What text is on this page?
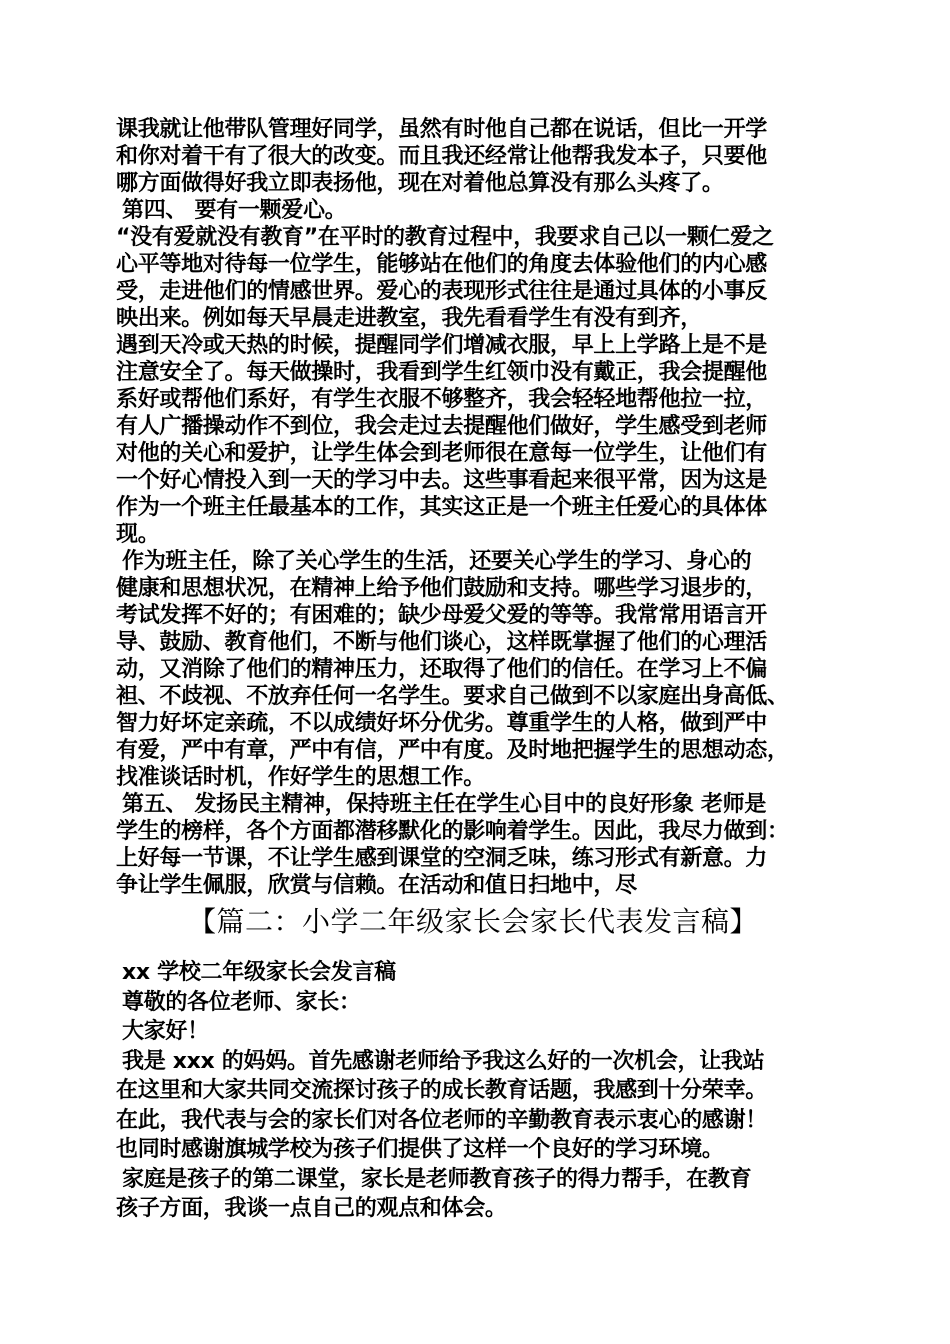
课我就让他带队管理好同学，虽然有时他自己都在说话，但比一开学
和你对着干有了很大的改变。而且我还经常让他帮我发本子，只要他
哪方面做得好我立即表扬他，现在对着他总算没有那么头疼了。
第四、 要有一颗爱心。
“没有爱就没有教育”在平时的教育过程中，我要求自己以一颗仁爱之
心平等地对待每一位学生，能够站在他们的角度去体验他们的内心感
受，走进他们的情感世界。爱心的表现形式往往是通过具体的小事反
映出来。例如每天早晨走进教室，我先看看学生有没有到齐，
遇到天冷或天热的时候，提醒同学们增减衣服，早上上学路上是不是
注意安全了。每天做操时，我看到学生红领巾没有戴正，我会提醒他
系好或帮他们系好，有学生衣服不够整齐，我会轻轻地帮他拉一拉，
有人广播操动作不到位，我会走过去提醒他们做好，学生感受到老师
对他的关心和爱护，让学生体会到老师很在意每一位学生，让他们有
一个好心情投入到一天的学习中去。这些事看起来很平常，因为这是
作为一个班主任最基本的工作，其实这正是一个班主任爱心的具体体
现。
作为班主任，除了关心学生的生活，还要关心学生的学习、身心的
健康和思想状况，在精神上给予他们鼓励和支持。哪些学习退步的，
考试发挥不好的；有困难的；缺少母爱父爱的等等。我常常用语言开
导、鼓励、教育他们，不断与他们谈心，这样既掌握了他们的心理活
动，又消除了他们的精神压力，还取得了他们的信任。在学习上不偏
袒、不歧视、不放弃任何一名学生。要求自己做到不以家庭出身高低、
智力好坏定亲疏，不以成绩好坏分优劣。尊重学生的人格，做到严中
有爱，严中有章，严中有信，严中有度。及时地把握学生的思想动态，
找准谈话时机，作好学生的思想工作。
第五、 发扬民主精神，保持班主任在学生心目中的良好形象 老师是
学生的榜样，各个方面都潜移默化的影响着学生。因此，我尽力做到：
上好每一节课，不让学生感到课堂的空洞乏味，练习形式有新意。力
争让学生佩服，欣赏与信赖。在活动和值日扫地中，尽
【篇二：小学二年级家长会家长代表发言稿】
xx 学校二年级家长会发言稿
尊敬的各位老师、家长：
大家好！
我是 xxx 的妈妈。首先感谢老师给予我这么好的一次机会，让我站
在这里和大家共同交流探讨孩子的成长教育话题，我感到十分荣幸。
在此，我代表与会的家长们对各位老师的辛勤教育表示衷心的感谢！
也同时感谢旗城学校为孩子们提供了这样一个良好的学习环境。
家庭是孩子的第二课堂，家长是老师教育孩子的得力帮手，在教育
孩子方面，我谈一点自己的观点和体会。
